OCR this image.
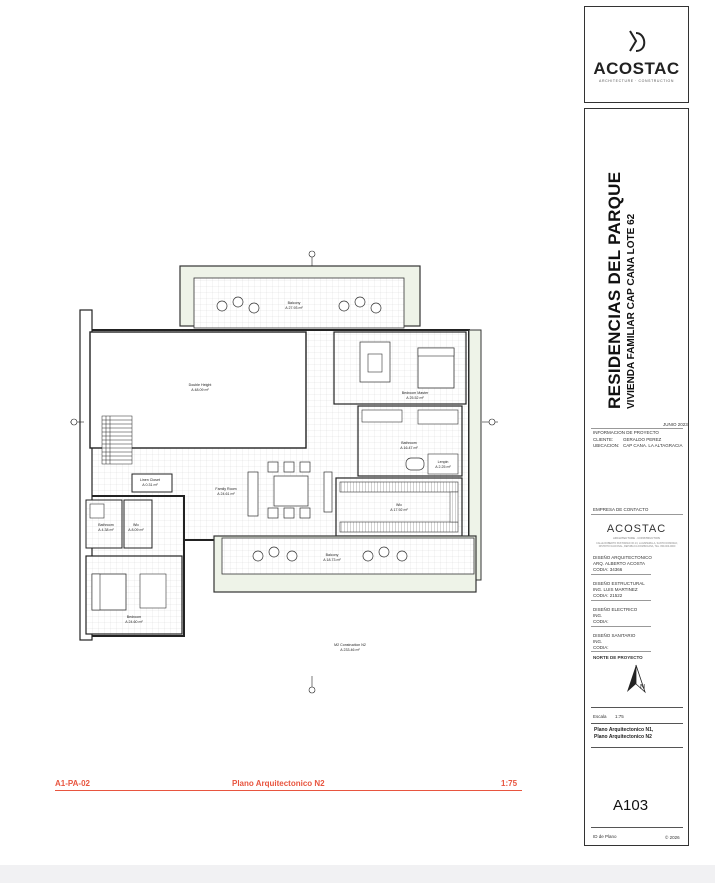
Balcony
A 27.93 m²
Double Height
A 48.09 m²
Bedroom Master
A 25.52 m²
Bathroom
A 16.47 m²
Lenpin
A 2.25 m²
Wic
A 17.92 m²
Family Room
A 24.61 m²
Linen Closet
A 0.31 m²
Bathroom
A 4.38 m²
Wic
A 8.09 m²
Bedroom
A 24.60 m²
Balcony
A 18.73 m²
M2 Construction N2
A 233.46 m²
A1-PA-02	Plano Arquitectonico N2	1:75
ACOSTAC
ARCHITECTURE · CONSTRUCTION
RESIDENCIAS DEL PARQUE VIVIENDA FAMILIAR CAP CANA LOTE 62
JUNIO 2023
INFORMACION DE PROYECTO
CLIENTE: GERALDO PEREZ
UBICACION: CAP CANA. LA ALTAGRACIA
EMPRESA DE CONTACTO
ACOSTAC
ARCHITECTURE · CONSTRUCTION
CALLE ROBERTO PASTORIZA NO.13, LA ESPERILLA, SANTO DOMINGO, DISTRITO NACIONAL, REPUBLICA DOMINICANA, TEL. 809-000-0000
DISEÑO ARQUITECTONICO
ARQ. ALBERTO ACOSTA
CODIA: 34366
DISEÑO ESTRUCTURAL
ING. LUIS MARTINEZ
CODIA: 21522
DISEÑO ELECTRICO
ING.
CODIA:
DISEÑO SANITARIO
ING.
CODIA:
NORTE DE PROYECTO
N
Escala 1:75
Plano Arquitectonico N1,
Plano Arquitectonico N2
A103
ID de Plano	© 2026
